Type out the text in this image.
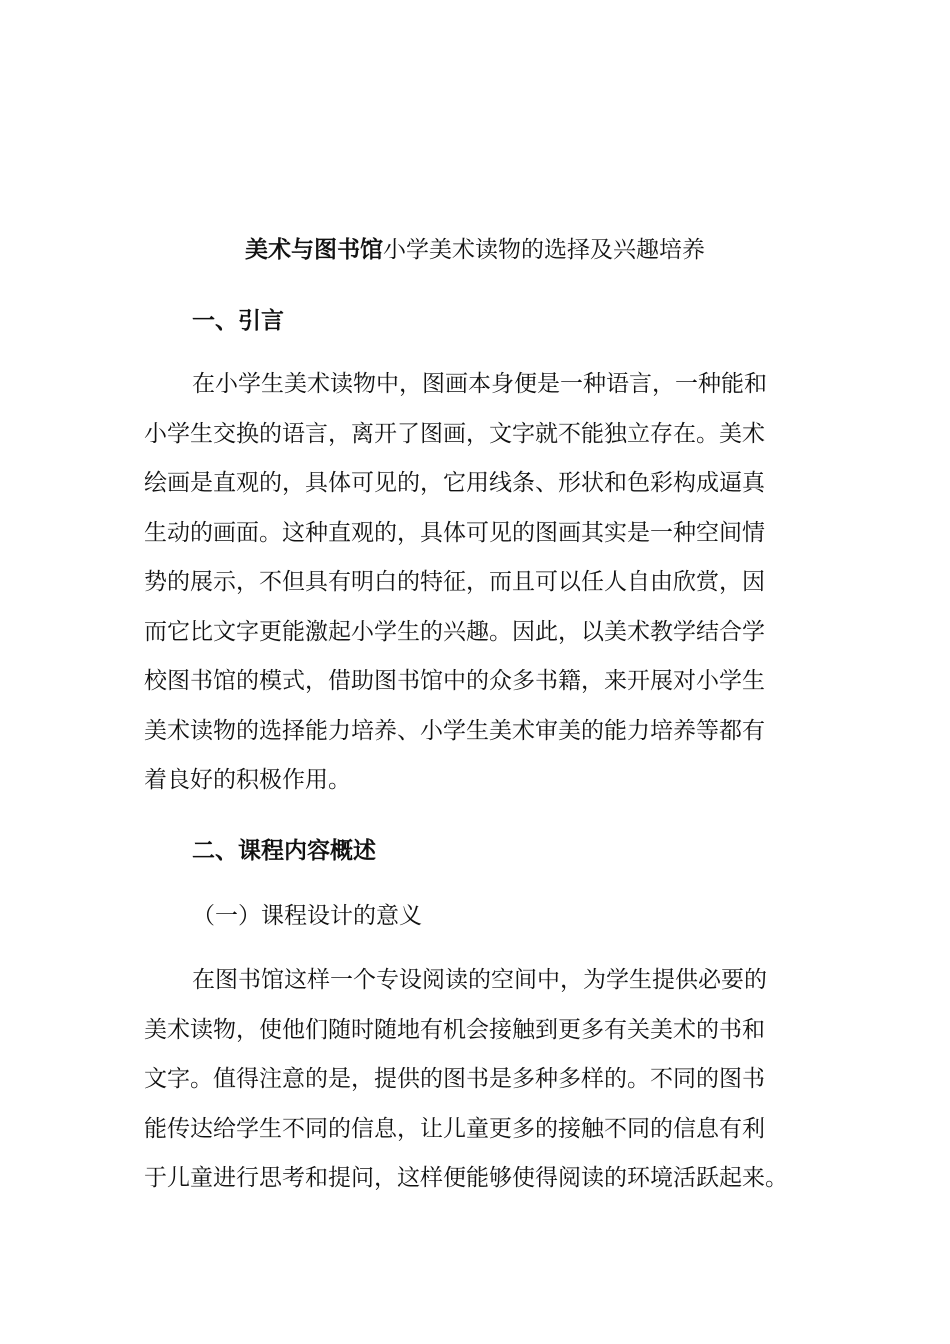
美术与图书馆小学美术读物的选择及兴趣培养
一、引言
在小学生美术读物中，图画本身便是一种语言，一种能和
小学生交换的语言，离开了图画，文字就不能独立存在。美术
绘画是直观的，具体可见的，它用线条、形状和色彩构成逼真
生动的画面。这种直观的，具体可见的图画其实是一种空间情
势的展示，不但具有明白的特征，而且可以任人自由欣赏，因
而它比文字更能激起小学生的兴趣。因此，以美术教学结合学
校图书馆的模式，借助图书馆中的众多书籍，来开展对小学生
美术读物的选择能力培养、小学生美术审美的能力培养等都有
着良好的积极作用。
二、课程内容概述
（一）课程设计的意义
在图书馆这样一个专设阅读的空间中，为学生提供必要的
美术读物，使他们随时随地有机会接触到更多有关美术的书和
文字。值得注意的是，提供的图书是多种多样的。不同的图书
能传达给学生不同的信息，让儿童更多的接触不同的信息有利
于儿童进行思考和提问，这样便能够使得阅读的环境活跃起来。
